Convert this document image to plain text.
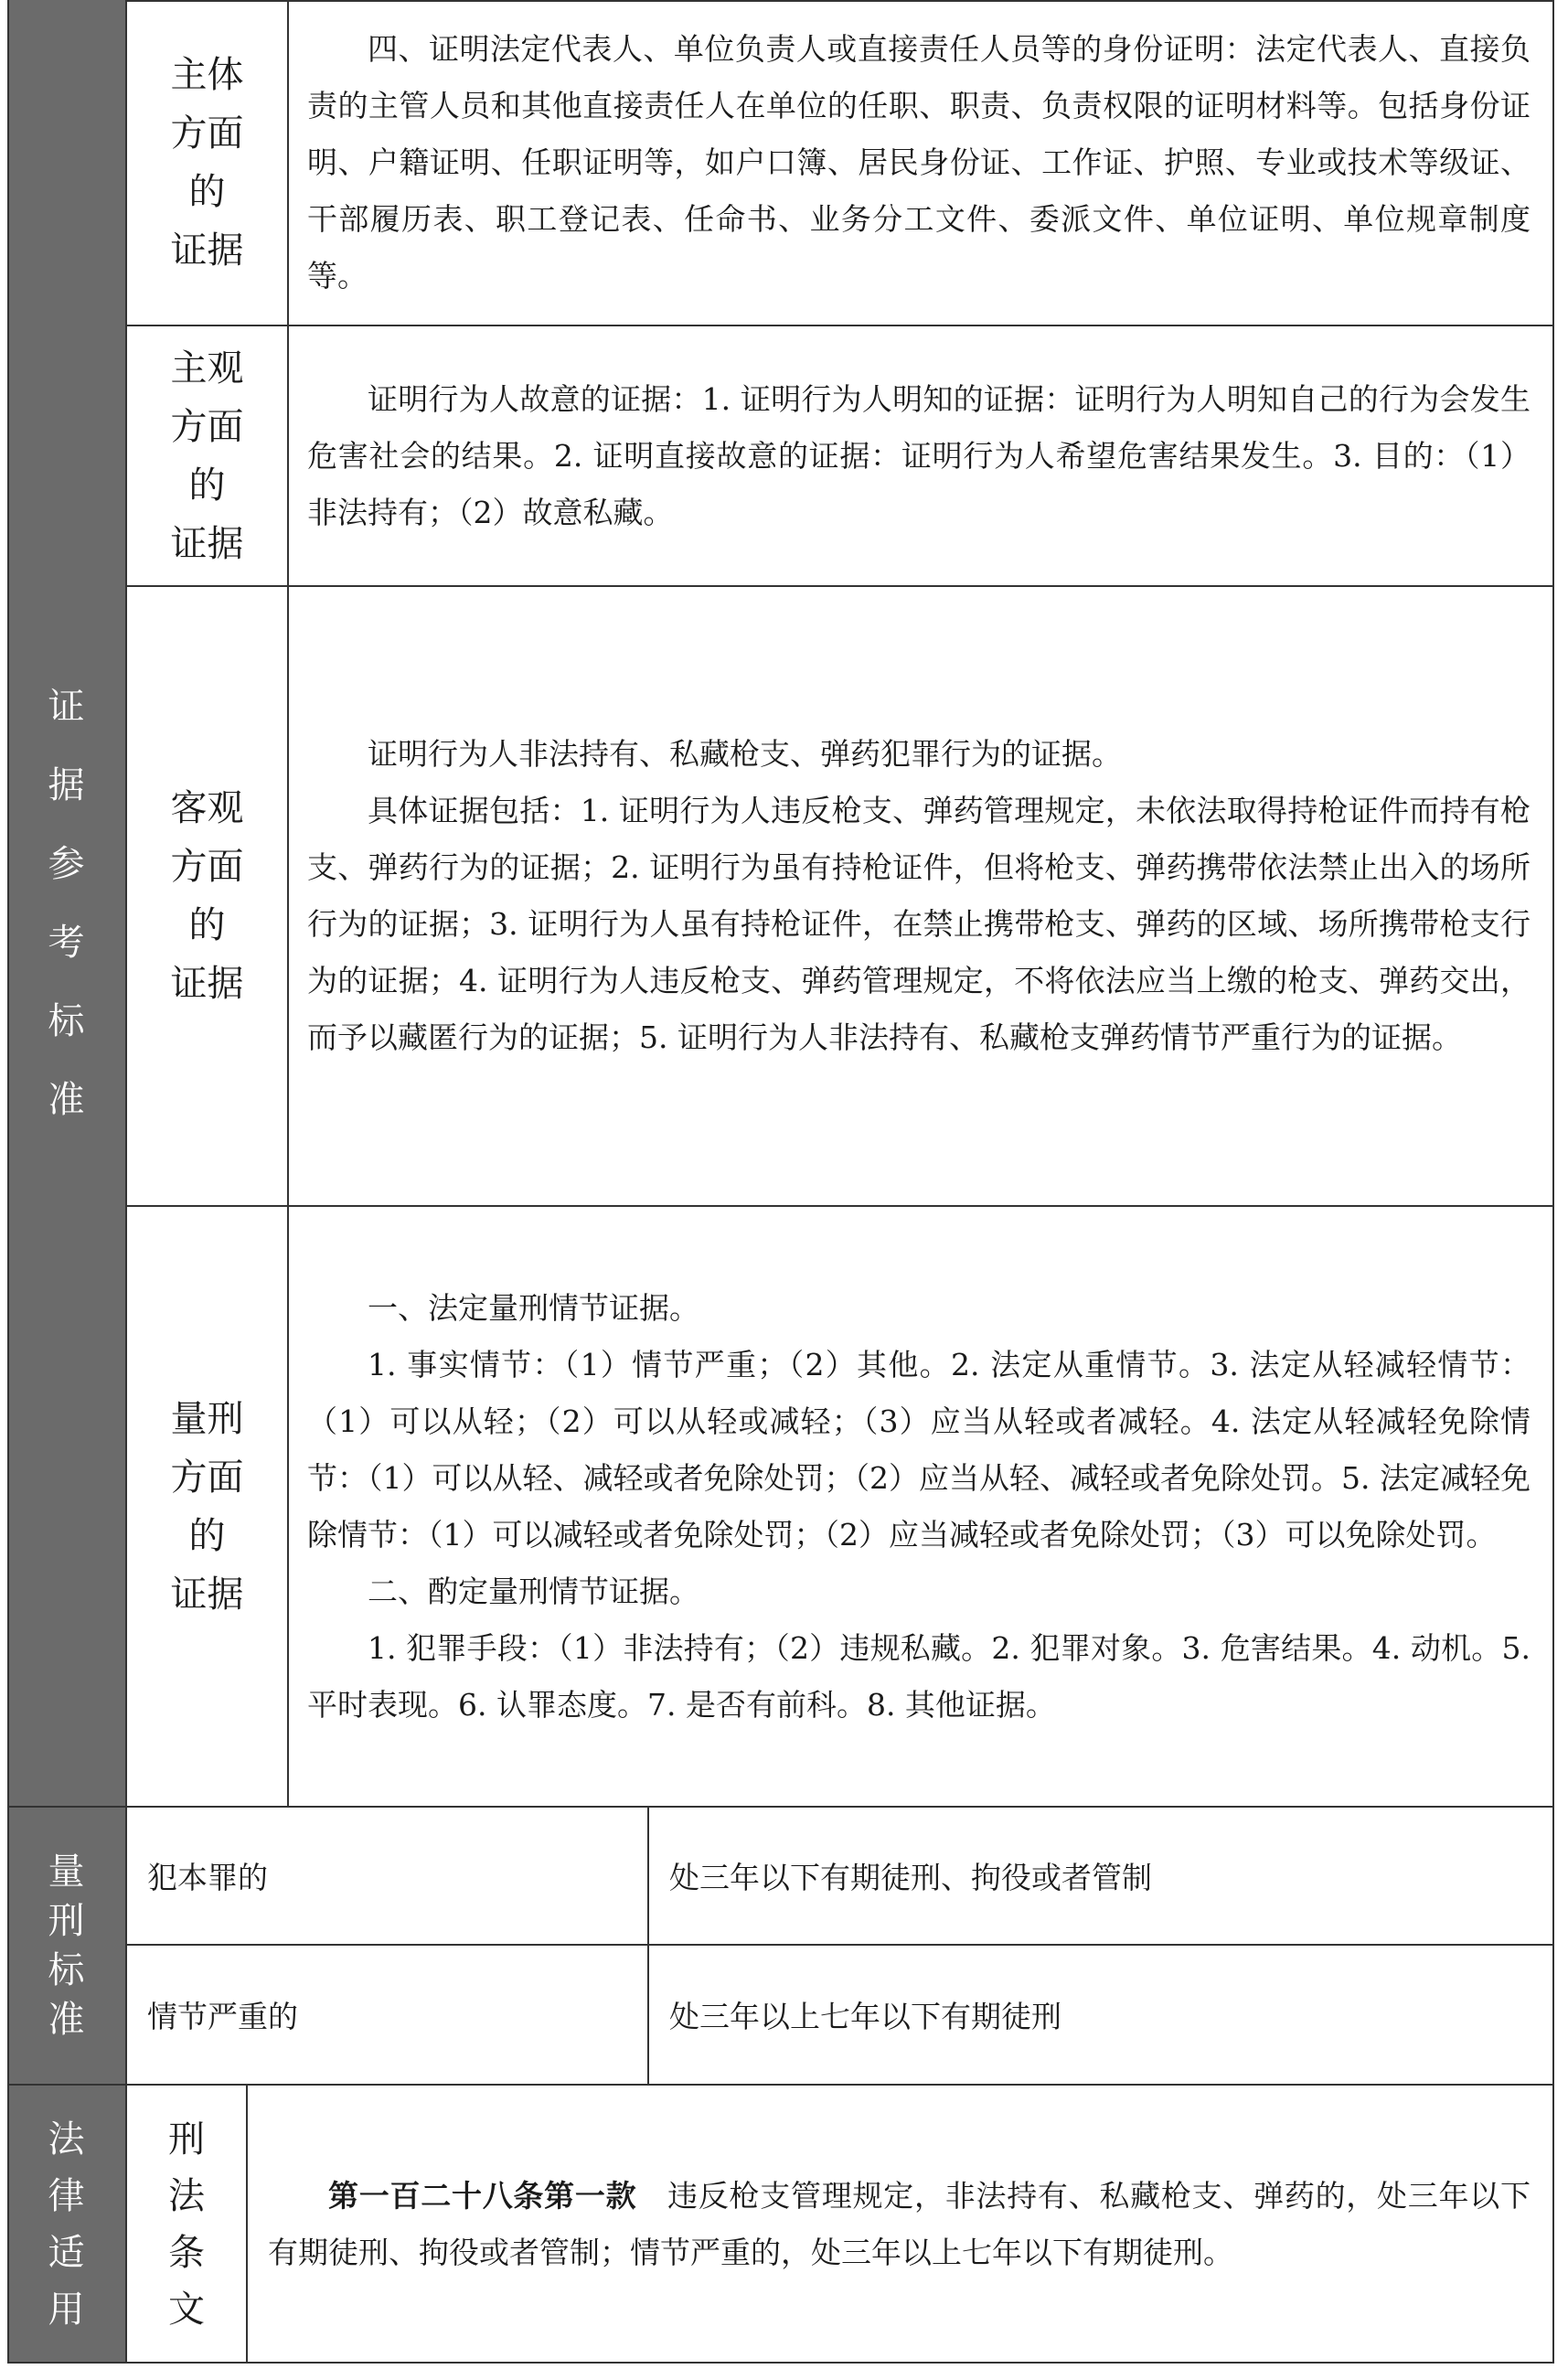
证
据
参
考
标
准
主体
方面
的
证据

四、证明法定代表人、单位负责人或直接责任人员等的身份证明：法定代表人、直接负责的主管人员和其他直接责任人在单位的任职、职责、负责权限的证明材料等。包括身份证明、户籍证明、任职证明等，如户口簿、居民身份证、工作证、护照、专业或技术等级证、干部履历表、职工登记表、任命书、业务分工文件、委派文件、单位证明、单位规章制度等。

主观
方面
的
证据

证明行为人故意的证据：1. 证明行为人明知的证据：证明行为人明知自己的行为会发生危害社会的结果。2. 证明直接故意的证据：证明行为人希望危害结果发生。3. 目的：（1）非法持有；（2）故意私藏。

客观
方面
的
证据

证明行为人非法持有、私藏枪支、弹药犯罪行为的证据。

具体证据包括：1. 证明行为人违反枪支、弹药管理规定，未依法取得持枪证件而持有枪支、弹药行为的证据；2. 证明行为虽有持枪证件，但将枪支、弹药携带依法禁止出入的场所行为的证据；3. 证明行为人虽有持枪证件，在禁止携带枪支、弹药的区域、场所携带枪支行为的证据；4. 证明行为人违反枪支、弹药管理规定，不将依法应当上缴的枪支、弹药交出，而予以藏匿行为的证据；5. 证明行为人非法持有、私藏枪支弹药情节严重行为的证据。

量刑
方面
的
证据

一、法定量刑情节证据。

1. 事实情节：（1）情节严重；（2）其他。2. 法定从重情节。3. 法定从轻减轻情节：（1）可以从轻；（2）可以从轻或减轻；（3）应当从轻或者减轻。4. 法定从轻减轻免除情节：（1）可以从轻、减轻或者免除处罚；（2）应当从轻、减轻或者免除处罚。5. 法定减轻免除情节：（1）可以减轻或者免除处罚；（2）应当减轻或者免除处罚；（3）可以免除处罚。

二、酌定量刑情节证据。

1. 犯罪手段：（1）非法持有；（2）违规私藏。2. 犯罪对象。3. 危害结果。4. 动机。5. 平时表现。6. 认罪态度。7. 是否有前科。8. 其他证据。

量
刑
标
准
犯本罪的	处三年以下有期徒刑、拘役或者管制
情节严重的	处三年以上七年以下有期徒刑
法
律
适
用
刑
法
条
文

第一百二十八条第一款 违反枪支管理规定，非法持有、私藏枪支、弹药的，处三年以下有期徒刑、拘役或者管制；情节严重的，处三年以上七年以下有期徒刑。
